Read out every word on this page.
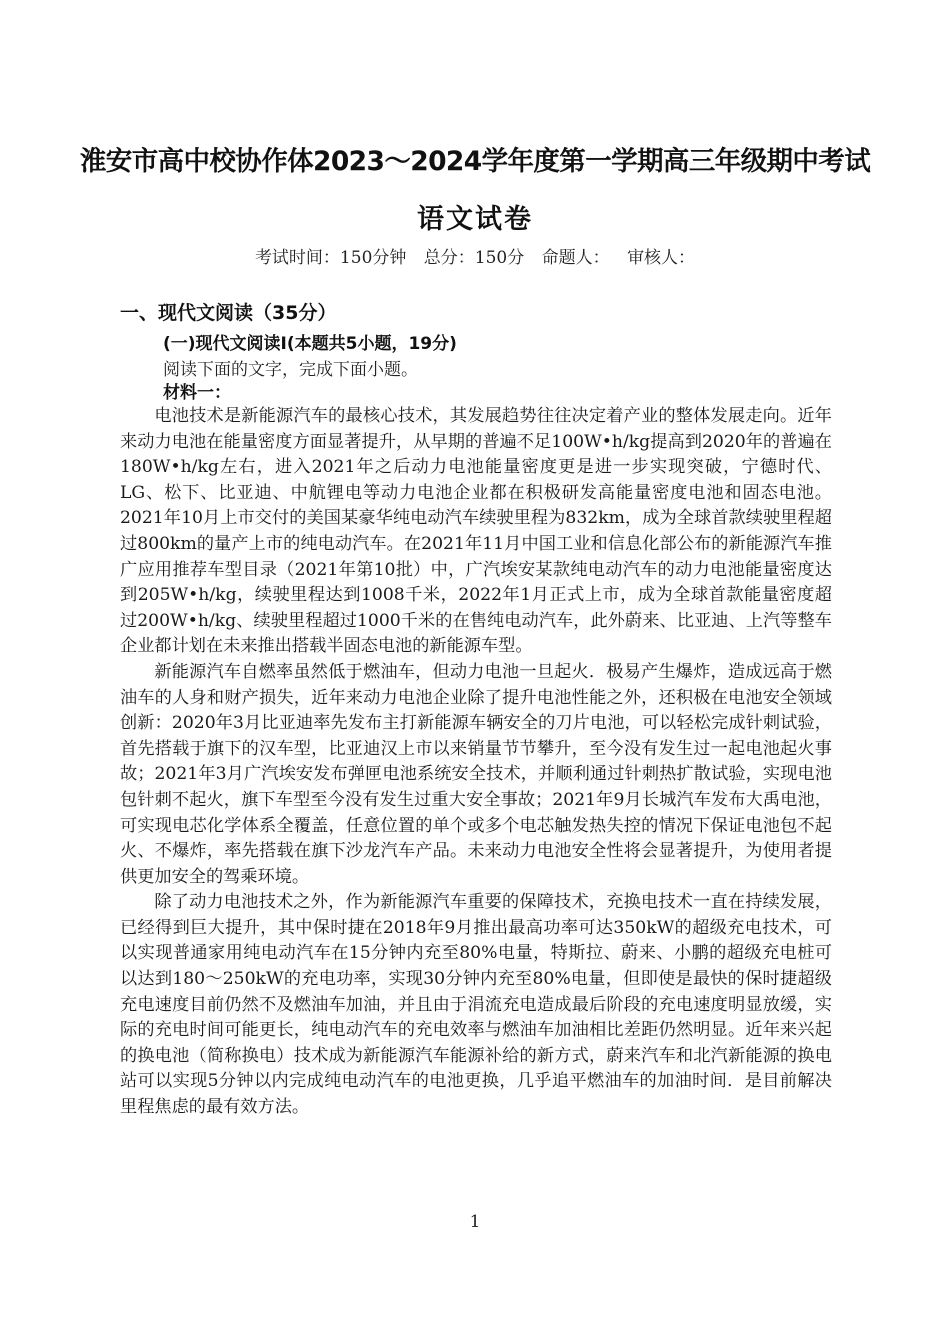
淮安市高中校协作体2023～2024学年度第一学期高三年级期中考试
语文试卷
考试时间：150分钟 总分：150分 命题人： 审核人：
一、现代文阅读（35分）
(一)现代文阅读Ⅰ(本题共5小题，19分)
阅读下面的文字，完成下面小题。
材料一：

电池技术是新能源汽车的最核心技术，其发展趋势往往决定着产业的整体发展走向。近年来动力电池在能量密度方面显著提升，从早期的普遍不足100W•h/kg提高到2020年的普遍在180W•h/kg左右，进入2021年之后动力电池能量密度更是进一步实现突破，宁德时代、LG、松下、比亚迪、中航锂电等动力电池企业都在积极研发高能量密度电池和固态电池。2021年10月上市交付的美国某豪华纯电动汽车续驶里程为832km，成为全球首款续驶里程超过800km的量产上市的纯电动汽车。在2021年11月中国工业和信息化部公布的新能源汽车推广应用推荐车型目录（2021年第10批）中，广汽埃安某款纯电动汽车的动力电池能量密度达到205W•h/kg，续驶里程达到1008千米，2022年1月正式上市，成为全球首款能量密度超过200W•h/kg、续驶里程超过1000千米的在售纯电动汽车，此外蔚来、比亚迪、上汽等整车企业都计划在未来推出搭载半固态电池的新能源车型。

新能源汽车自燃率虽然低于燃油车，但动力电池一旦起火．极易产生爆炸，造成远高于燃油车的人身和财产损失，近年来动力电池企业除了提升电池性能之外，还积极在电池安全领域创新：2020年3月比亚迪率先发布主打新能源车辆安全的刀片电池，可以轻松完成针刺试验，首先搭载于旗下的汉车型，比亚迪汉上市以来销量节节攀升，至今没有发生过一起电池起火事故；2021年3月广汽埃安发布弹匣电池系统安全技术，并顺利通过针刺热扩散试验，实现电池包针刺不起火，旗下车型至今没有发生过重大安全事故；2021年9月长城汽车发布大禹电池，可实现电芯化学体系全覆盖，任意位置的单个或多个电芯触发热失控的情况下保证电池包不起火、不爆炸，率先搭载在旗下沙龙汽车产品。未来动力电池安全性将会显著提升，为使用者提供更加安全的驾乘环境。

除了动力电池技术之外，作为新能源汽车重要的保障技术，充换电技术一直在持续发展，已经得到巨大提升，其中保时捷在2018年9月推出最高功率可达350kW的超级充电技术，可以实现普通家用纯电动汽车在15分钟内充至80%电量，特斯拉、蔚来、小鹏的超级充电桩可以达到180～250kW的充电功率，实现30分钟内充至80%电量，但即使是最快的保时捷超级充电速度目前仍然不及燃油车加油，并且由于涓流充电造成最后阶段的充电速度明显放缓，实际的充电时间可能更长，纯电动汽车的充电效率与燃油车加油相比差距仍然明显。近年来兴起的换电池（简称换电）技术成为新能源汽车能源补给的新方式，蔚来汽车和北汽新能源的换电站可以实现5分钟以内完成纯电动汽车的电池更换，几乎追平燃油车的加油时间．是目前解决里程焦虑的最有效方法。

1
